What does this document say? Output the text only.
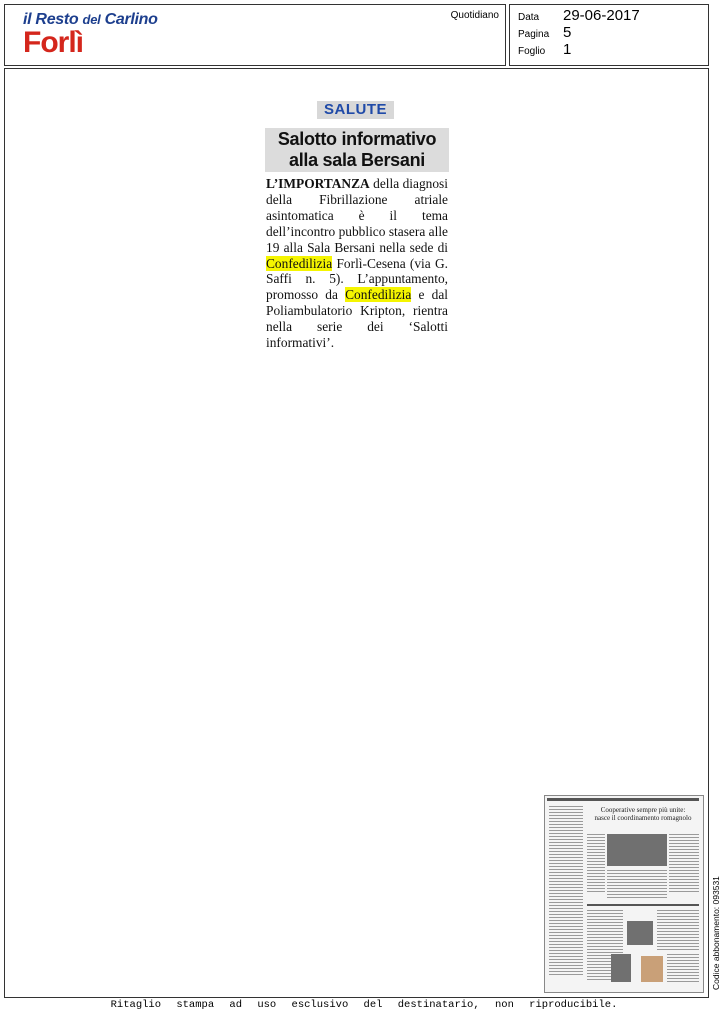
il Resto del Carlino
Forlì
Quotidiano Data 29-06-2017
Pagina 5
Foglio 1
SALUTE
Salotto informativo
alla sala Bersani
L’IMPORTANZA della diagnosi della Fibrillazione atriale asintomatica è il tema dell’incontro pubblico stasera alle 19 alla Sala Bersani nella sede di Confedilizia Forlì-Cesena (via G. Saffi n. 5). L’appuntamento, promosso da Confedilizia e dal Poliambulatorio Kripton, rientra nella serie dei ‘Salotti informativi’.
Cooperative sempre più unite:
nasce il coordinamento romagnolo
Codice abbonamento: 093531
Ritaglio stampa ad uso esclusivo del destinatario, non riproducibile.
